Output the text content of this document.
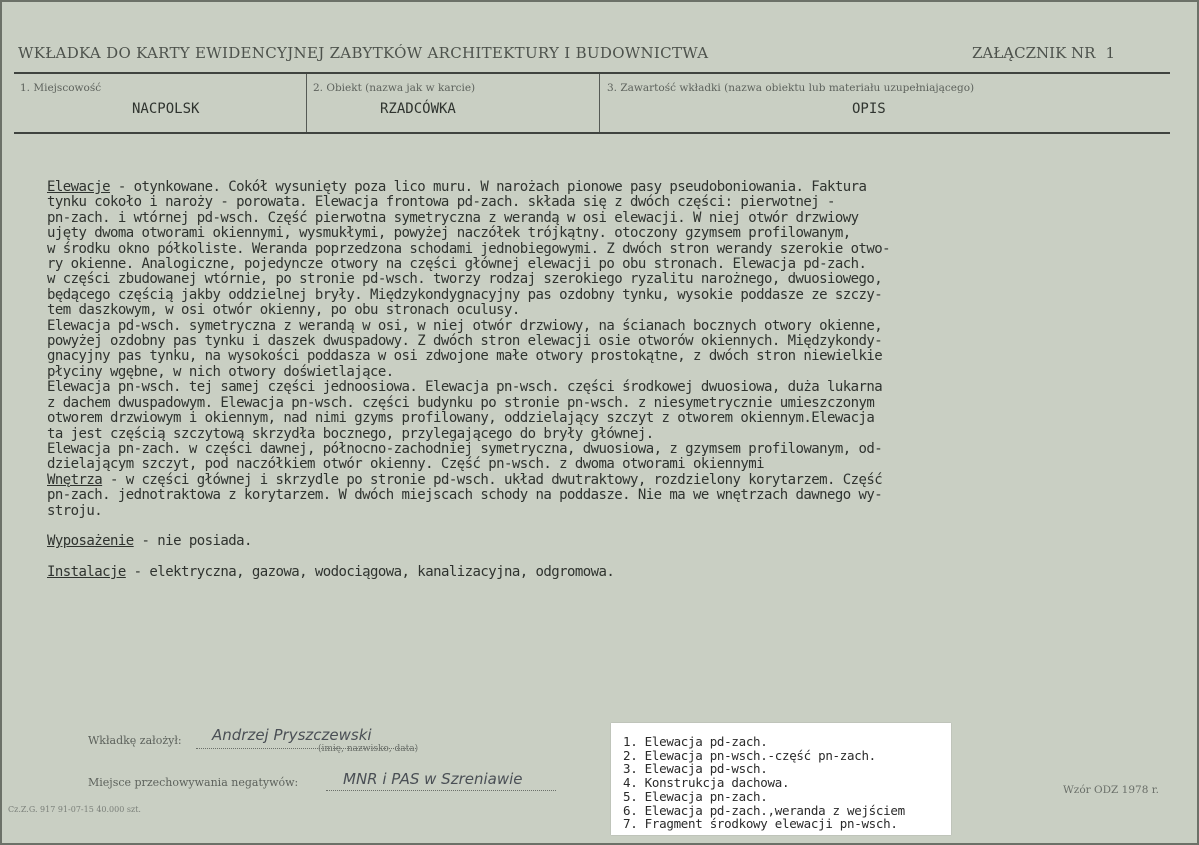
WKŁADKA DO KARTY EWIDENCYJNEJ ZABYTKÓW ARCHITEKTURY I BUDOWNICTWA	ZAŁĄCZNIK NR 1
1. Miejscowość
NACPOLSK
2. Obiekt (nazwa jak w karcie)
RZADCÓWKA
3. Zawartość wkładki (nazwa obiektu lub materiału uzupełniającego)
OPIS
Elewacje - otynkowane. Cokół wysunięty poza lico muru. W narożach pionowe pasy pseudoboniowania. Faktura
tynku cokoło i naroży - porowata. Elewacja frontowa pd-zach. składa się z dwóch części: pierwotnej -
pn-zach. i wtórnej pd-wsch. Część pierwotna symetryczna z werandą w osi elewacji. W niej otwór drzwiowy
ujęty dwoma otworami okiennymi, wysmukłymi, powyżej naczółek trójkątny. otoczony gzymsem profilowanym,
w środku okno półkoliste. Weranda poprzedzona schodami jednobiegowymi. Z dwóch stron werandy szerokie otwo-
ry okienne. Analogiczne, pojedyncze otwory na części głównej elewacji po obu stronach. Elewacja pd-zach.
w części zbudowanej wtórnie, po stronie pd-wsch. tworzy rodzaj szerokiego ryzalitu narożnego, dwuosiowego,
będącego częścią jakby oddzielnej bryły. Międzykondygnacyjny pas ozdobny tynku, wysokie poddasze ze szczy-
tem daszkowym, w osi otwór okienny, po obu stronach oculusy.
Elewacja pd-wsch. symetryczna z werandą w osi, w niej otwór drzwiowy, na ścianach bocznych otwory okienne,
powyżej ozdobny pas tynku i daszek dwuspadowy. Z dwóch stron elewacji osie otworów okiennych. Międzykondy-
gnacyjny pas tynku, na wysokości poddasza w osi zdwojone małe otwory prostokątne, z dwóch stron niewielkie
płyciny wgębne, w nich otwory doświetlające.
Elewacja pn-wsch. tej samej części jednoosiowa. Elewacja pn-wsch. części środkowej dwuosiowa, duża lukarna
z dachem dwuspadowym. Elewacja pn-wsch. części budynku po stronie pn-wsch. z niesymetrycznie umieszczonym
otworem drzwiowym i okiennym, nad nimi gzyms profilowany, oddzielający szczyt z otworem okiennym.Elewacja
ta jest częścią szczytową skrzydła bocznego, przylegającego do bryły głównej.
Elewacja pn-zach. w części dawnej, północno-zachodniej symetryczna, dwuosiowa, z gzymsem profilowanym, od-
dzielającym szczyt, pod naczółkiem otwór okienny. Część pn-wsch. z dwoma otworami okiennymi
Wnętrza - w części głównej i skrzydle po stronie pd-wsch. układ dwutraktowy, rozdzielony korytarzem. Część
pn-zach. jednotraktowa z korytarzem. W dwóch miejscach schody na poddasze. Nie ma we wnętrzach dawnego wy-
stroju.

Wyposażenie - nie posiada.

Instalacje - elektryczna, gazowa, wodociągowa, kanalizacyjna, odgromowa.
Wkładkę założył: Andrzej Pryszczewski
(imię, nazwisko, data)
Miejsce przechowywania negatywów:	MNR i PAS w Szreniawie
1. Elewacja pd-zach.
2. Elewacja pn-wsch.-część pn-zach.
3. Elewacja pd-wsch.
4. Konstrukcja dachowa.
5. Elewacja pn-zach.
6. Elewacja pd-zach.,weranda z wejściem
7. Fragment środkowy elewacji pn-wsch.
Wzór ODZ 1978 r.
Cz.Z.G. 917 91-07-15 40.000 szt.
